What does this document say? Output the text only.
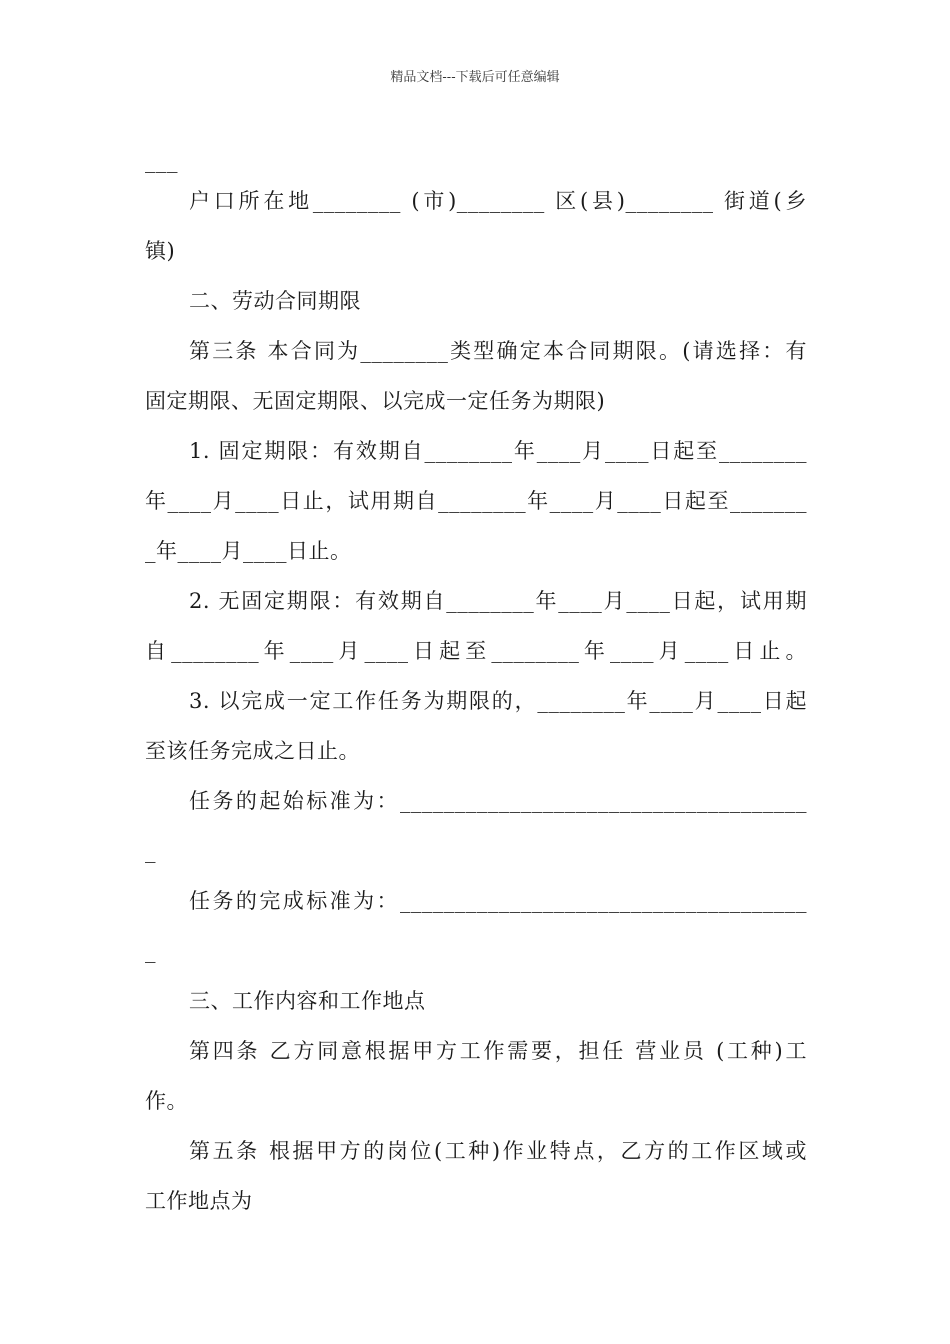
精品文档---下载后可任意编辑
___
户口所在地________ (市)________ 区(县)________ 街道(乡
镇)
二、劳动合同期限
第三条 本合同为________类型确定本合同期限。(请选择：有
固定期限、无固定期限、以完成一定任务为期限)
1. 固定期限：有效期自________年____月____日起至________
年____月____日止，试用期自________年____月____日起至_______
_年____月____日止。
2. 无固定期限：有效期自________年____月____日起，试用期
自________年____月____日起至________年____月____日止。
3. 以完成一定工作任务为期限的，________年____月____日起
至该任务完成之日止。
任务的起始标准为：_____________________________________
_
任务的完成标准为：_____________________________________
_
三、工作内容和工作地点
第四条 乙方同意根据甲方工作需要，担任 营业员 (工种)工
作。
第五条 根据甲方的岗位(工种)作业特点，乙方的工作区域或
工作地点为
